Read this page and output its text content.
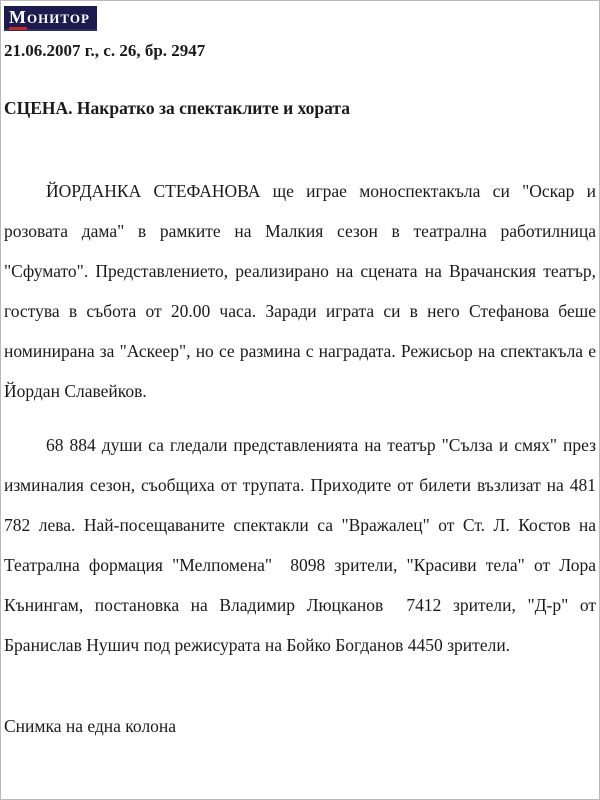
Монитор
21.06.2007 г., с. 26, бр. 2947
СЦЕНА. Накратко за спектаклите и хората

ЙОРДАНКА СТЕФАНОВА ще играе моноспектакъла си "Оскар и розовата дама" в рамките на Малкия сезон в театрална работилница "Сфумато". Представлението, реализирано на сцената на Врачанския театър, гостува в събота от 20.00 часа. Заради играта си в него Стефанова беше номинирана за "Аскеер", но се размина с наградата. Режисьор на спектакъла е Йордан Славейков.

68 884 души са гледали представленията на театър "Сълза и смях" през изминалия сезон, съобщиха от трупата. Приходите от билети възлизат на 481 782 лева. Най-посещаваните спектакли са "Вражалец" от Ст. Л. Костов на Театрална формация "Мелпомена"  8098 зрители, "Красиви тела" от Лора Кънингам, постановка на Владимир Люцканов  7412 зрители, "Д-р" от Бранислав Нушич под режисурата на Бойко Богданов 4450 зрители.

Снимка на една колона
